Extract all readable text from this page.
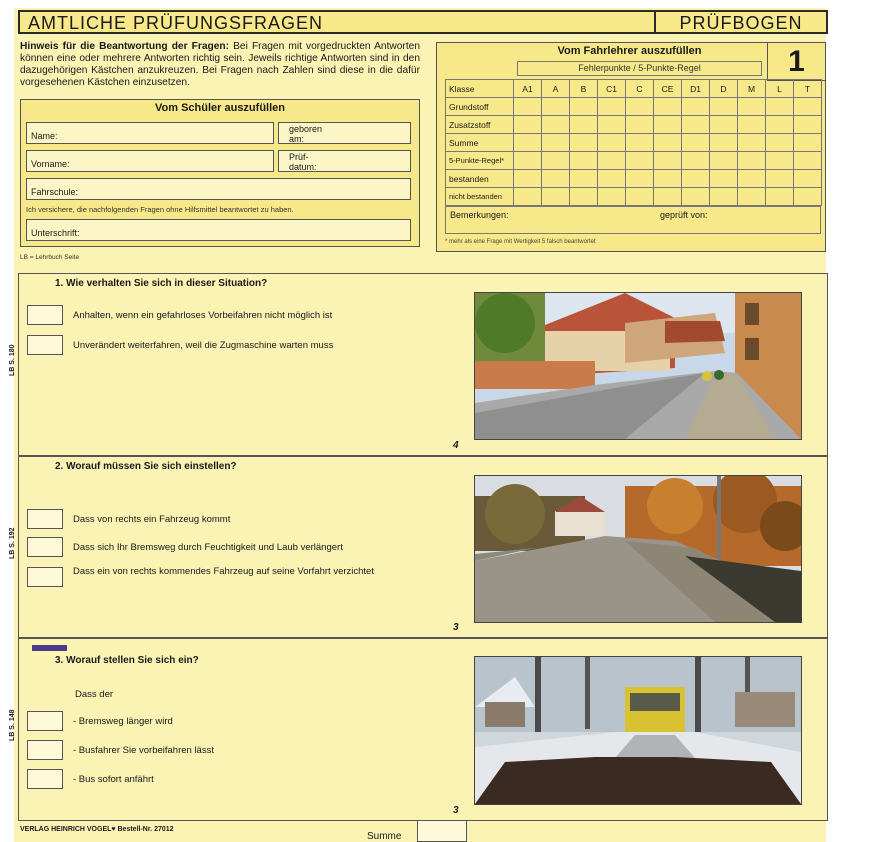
AMTLICHE PRÜFUNGSFRAGEN	PRÜFBOGEN
Hinweis für die Beantwortung der Fragen: Bei Fragen mit vorgedruckten Antworten können eine oder mehrere Antworten richtig sein. Jeweils richtige Antworten sind in den dazugehörigen Kästchen anzukreuzen. Bei Fragen nach Zahlen sind diese in die dafür vorgesehenen Kästchen einzusetzen.
Vom Schüler auszufüllen
Name:
geboren
am:
Vorname:
Prüf-
datum:
Fahrschule:
Ich versichere, die nachfolgenden Fragen ohne Hilfsmittel beantwortet zu haben.
Unterschrift:
LB = Lehrbuch Seite
Vom Fahrlehrer auszufüllen
Fehlerpunkte / 5-Punkte-Regel	1
Klasse	A1	A	B	C1	C	CE	D1	D	M	L	T
Grundstoff											
Zusatzstoff											
Summe											
5-Punkte-Regel*											
bestanden											
nicht bestanden											
Bemerkungen:	geprüft von:
* mehr als eine Frage mit Wertigkeit 5 falsch beantwortet
1. Wie verhalten Sie sich in dieser Situation?
LB S. 180
Anhalten, wenn ein gefahrloses Vorbeifahren nicht möglich ist
Unverändert weiterfahren, weil die Zugmaschine warten muss
4
2. Worauf müssen Sie sich einstellen?
LB S. 192
Dass von rechts ein Fahrzeug kommt
Dass sich Ihr Bremsweg durch Feuchtigkeit und Laub verlängert
Dass ein von rechts kommendes Fahrzeug auf seine Vorfahrt verzichtet
3
3. Worauf stellen Sie sich ein?
LB S. 148
Dass der
- Bremsweg länger wird
- Busfahrer Sie vorbeifahren lässt
- Bus sofort anfährt
3
VERLAG HEINRICH VOGEL♥ Bestell-Nr. 27012
Summe
